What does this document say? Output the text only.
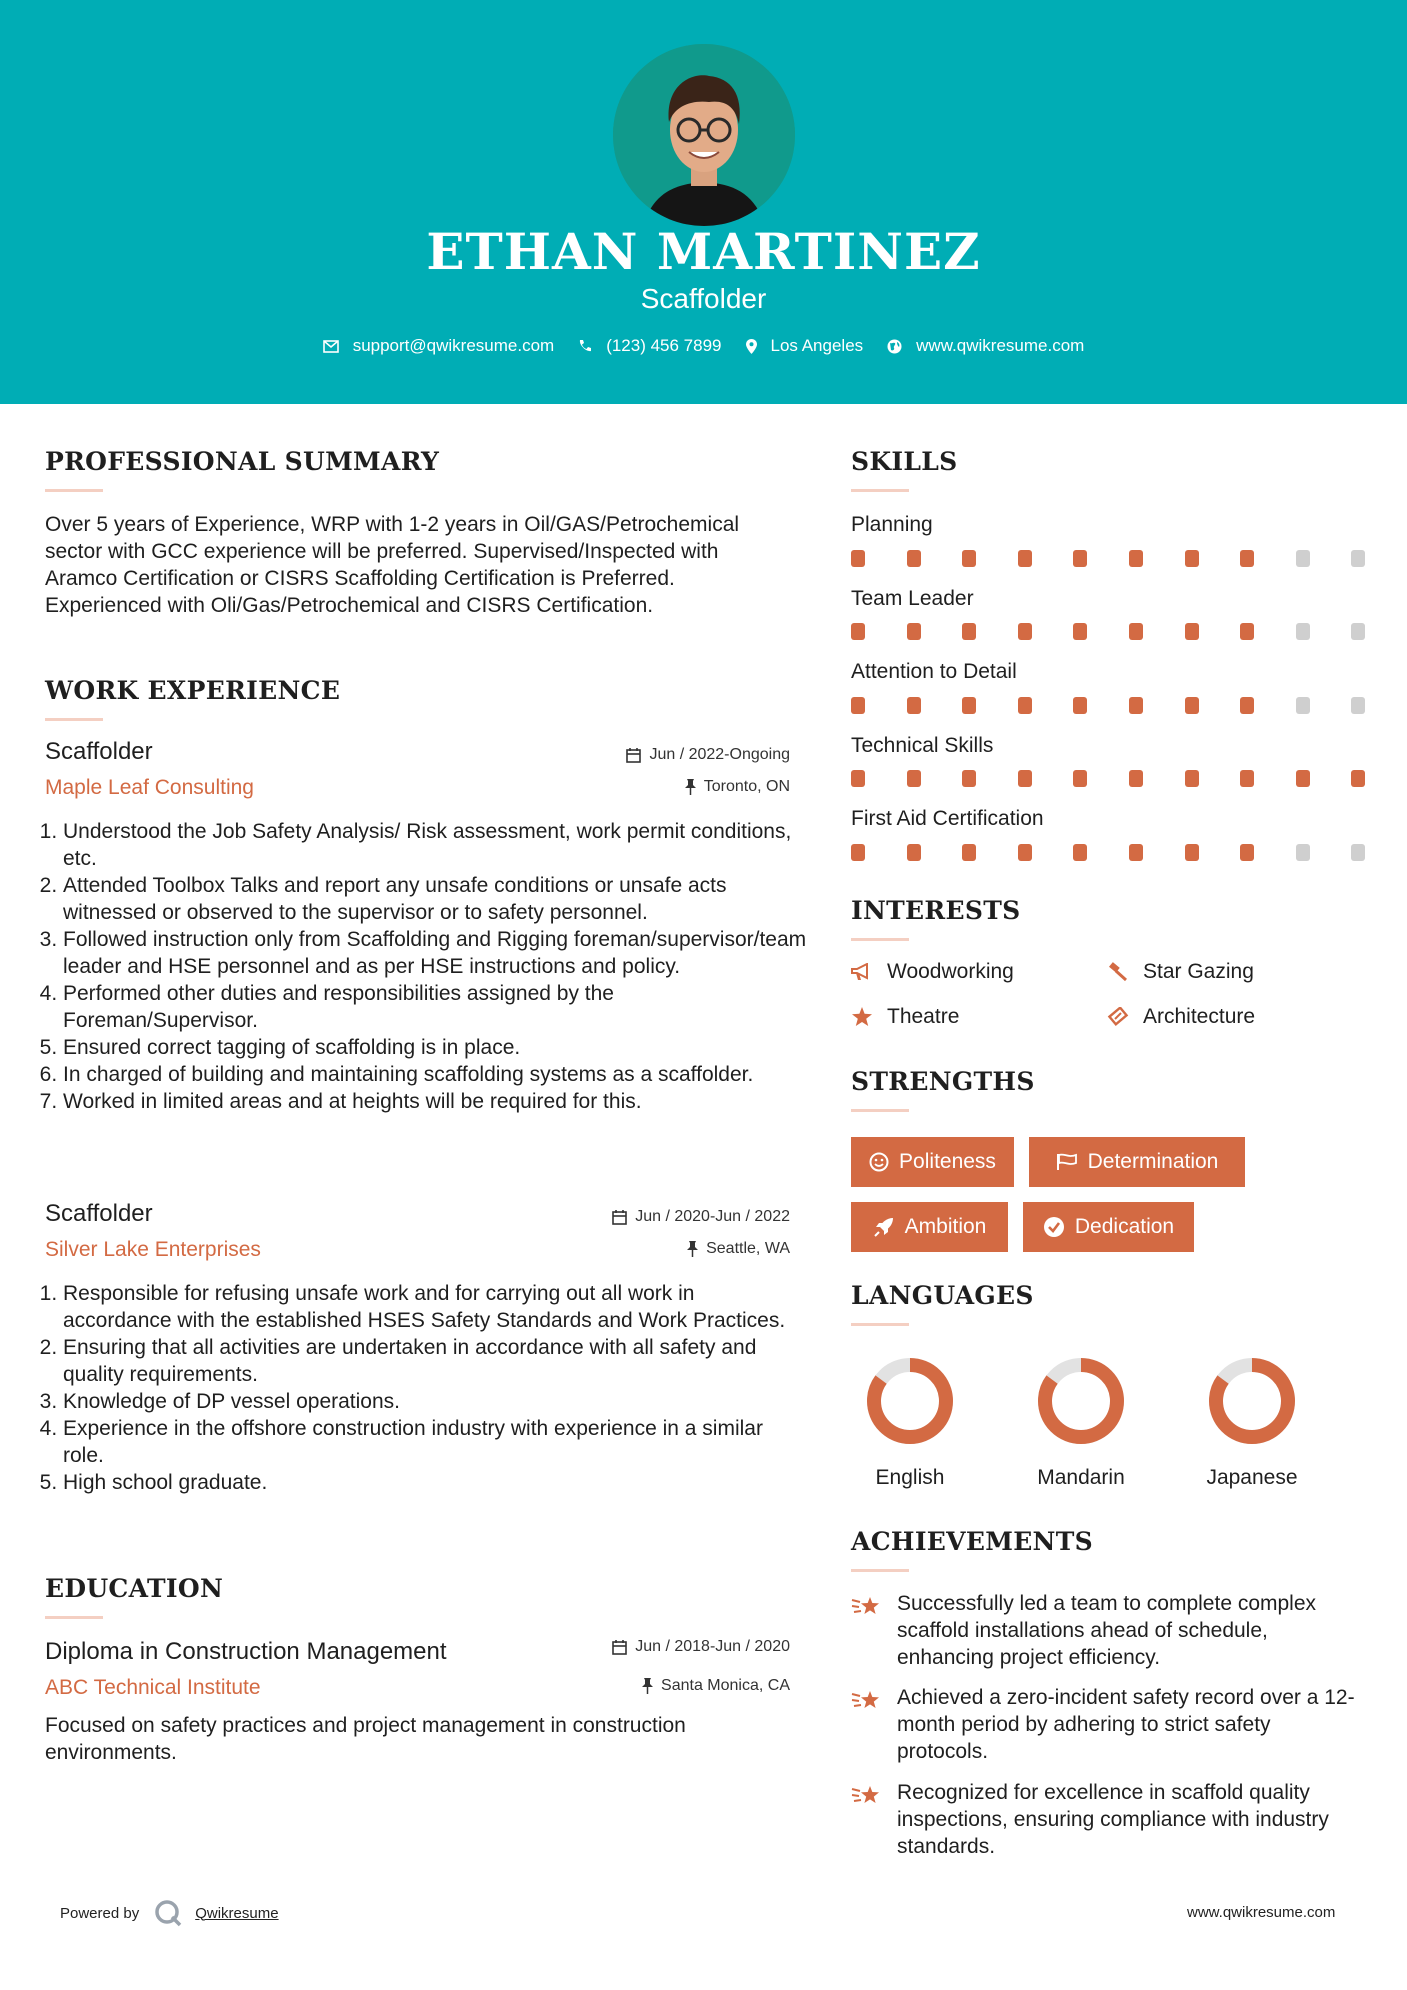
ETHAN MARTINEZ
Scaffolder
support@qwikresume.com	(123) 456 7899	Los Angeles	www.qwikresume.com
PROFESSIONAL SUMMARY
Over 5 years of Experience, WRP with 1-2 years in Oil/GAS/Petrochemical sector with GCC experience will be preferred. Supervised/Inspected with Aramco Certification or CISRS Scaffolding Certification is Preferred. Experienced with Oli/Gas/Petrochemical and CISRS Certification.
WORK EXPERIENCE
Scaffolder
Maple Leaf Consulting
Jun / 2022-Ongoing
Toronto, ON
1. Understood the Job Safety Analysis/ Risk assessment, work permit conditions, etc.
2. Attended Toolbox Talks and report any unsafe conditions or unsafe acts witnessed or observed to the supervisor or to safety personnel.
3. Followed instruction only from Scaffolding and Rigging foreman/supervisor/team leader and HSE personnel and as per HSE instructions and policy.
4. Performed other duties and responsibilities assigned by the Foreman/Supervisor.
5. Ensured correct tagging of scaffolding is in place.
6. In charged of building and maintaining scaffolding systems as a scaffolder.
7. Worked in limited areas and at heights will be required for this.
Scaffolder
Silver Lake Enterprises
Jun / 2020-Jun / 2022
Seattle, WA
1. Responsible for refusing unsafe work and for carrying out all work in accordance with the established HSES Safety Standards and Work Practices.
2. Ensuring that all activities are undertaken in accordance with all safety and quality requirements.
3. Knowledge of DP vessel operations.
4. Experience in the offshore construction industry with experience in a similar role.
5. High school graduate.
EDUCATION
Diploma in Construction Management
ABC Technical Institute
Jun / 2018-Jun / 2020
Santa Monica, CA
Focused on safety practices and project management in construction environments.
SKILLS
Planning
Team Leader
Attention to Detail
Technical Skills
First Aid Certification
INTERESTS
Woodworking	Star Gazing
Theatre	Architecture
STRENGTHS
Politeness	Determination
Ambition	Dedication
LANGUAGES
English	Mandarin	Japanese
ACHIEVEMENTS
Successfully led a team to complete complex scaffold installations ahead of schedule, enhancing project efficiency.
Achieved a zero-incident safety record over a 12-month period by adhering to strict safety protocols.
Recognized for excellence in scaffold quality inspections, ensuring compliance with industry standards.
Powered by	Qwikresume	www.qwikresume.com
